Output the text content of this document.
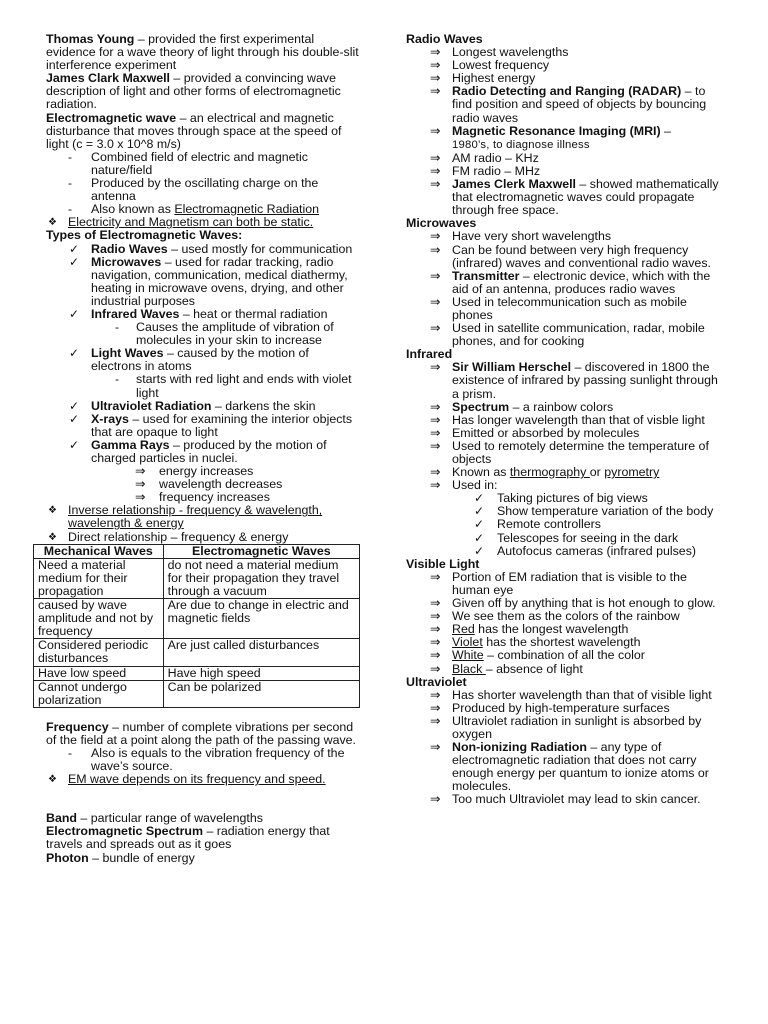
Thomas Young – provided the first experimental evidence for a wave theory of light through his double-slit interference experiment

James Clark Maxwell – provided a convincing wave description of light and other forms of electromagnetic radiation.

Electromagnetic wave – an electrical and magnetic disturbance that moves through space at the speed of light (c = 3.0 x 10^8 m/s)

- Combined field of electric and magnetic nature/field

- Produced by the oscillating charge on the antenna

- Also known as Electromagnetic Radiation

❖ Electricity and Magnetism can both be static.

Types of Electromagnetic Waves:

✓ Radio Waves – used mostly for communication

✓ Microwaves – used for radar tracking, radio navigation, communication, medical diathermy, heating in microwave ovens, drying, and other industrial purposes

✓ Infrared Waves – heat or thermal radiation

- Causes the amplitude of vibration of molecules in your skin to increase

✓ Light Waves – caused by the motion of electrons in atoms

- starts with red light and ends with violet light

✓ Ultraviolet Radiation – darkens the skin

✓ X-rays – used for examining the interior objects that are opaque to light

✓ Gamma Rays – produced by the motion of charged particles in nuclei.

⇒ energy increases

⇒ wavelength decreases

⇒ frequency increases

❖ Inverse relationship - frequency & wavelength, wavelength & energy

❖ Direct relationship – frequency & energy

Mechanical Waves	Electromagnetic Waves
Need a material medium for their propagation	do not need a material medium for their propagation they travel through a vacuum
caused by wave amplitude and not by frequency	Are due to change in electric and magnetic fields
Considered periodic disturbances	Are just called disturbances
Have low speed	Have high speed
Cannot undergo polarization	Can be polarized

Frequency – number of complete vibrations per second of the field at a point along the path of the passing wave.

- Also is equals to the vibration frequency of the wave’s source.

❖ EM wave depends on its frequency and speed.

Band – particular range of wavelengths

Electromagnetic Spectrum – radiation energy that travels and spreads out as it goes

Photon – bundle of energy

Radio Waves

⇒ Longest wavelengths

⇒ Lowest frequency

⇒ Highest energy

⇒ Radio Detecting and Ranging (RADAR) – to find position and speed of objects by bouncing radio waves

⇒ Magnetic Resonance Imaging (MRI) –
1980’s, to diagnose illness

⇒ AM radio – KHz

⇒ FM radio – MHz

⇒ James Clerk Maxwell – showed mathematically that electromagnetic waves could propagate through free space.

Microwaves

⇒ Have very short wavelengths

⇒ Can be found between very high frequency (infrared) waves and conventional radio waves.

⇒ Transmitter – electronic device, which with the aid of an antenna, produces radio waves

⇒ Used in telecommunication such as mobile phones

⇒ Used in satellite communication, radar, mobile phones, and for cooking

Infrared

⇒ Sir William Herschel – discovered in 1800 the existence of infrared by passing sunlight through a prism.

⇒ Spectrum – a rainbow colors

⇒ Has longer wavelength than that of visble light

⇒ Emitted or absorbed by molecules

⇒ Used to remotely determine the temperature of objects

⇒ Known as thermography or pyrometry

⇒ Used in:

✓ Taking pictures of big views

✓ Show temperature variation of the body

✓ Remote controllers

✓ Telescopes for seeing in the dark

✓ Autofocus cameras (infrared pulses)

Visible Light

⇒ Portion of EM radiation that is visible to the human eye

⇒ Given off by anything that is hot enough to glow.

⇒ We see them as the colors of the rainbow

⇒ Red has the longest wavelength

⇒ Violet has the shortest wavelength

⇒ White – combination of all the color

⇒ Black – absence of light

Ultraviolet

⇒ Has shorter wavelength than that of visible light

⇒ Produced by high-temperature surfaces

⇒ Ultraviolet radiation in sunlight is absorbed by oxygen

⇒ Non-ionizing Radiation – any type of electromagnetic radiation that does not carry enough energy per quantum to ionize atoms or molecules.

⇒ Too much Ultraviolet may lead to skin cancer.
